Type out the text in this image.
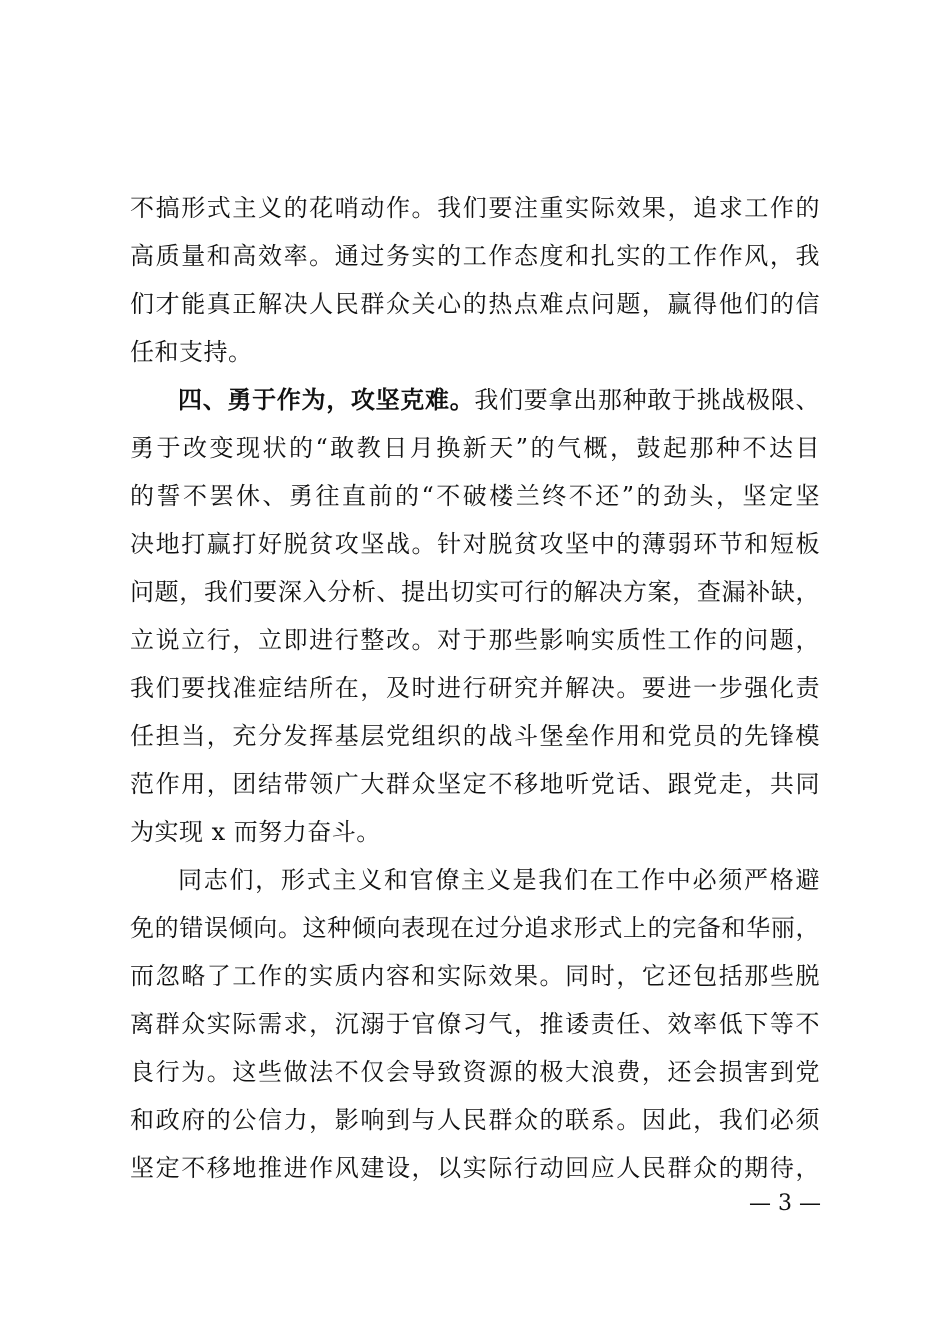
不搞形式主义的花哨动作。我们要注重实际效果，追求工作的
高质量和高效率。通过务实的工作态度和扎实的工作作风，我
们才能真正解决人民群众关心的热点难点问题，赢得他们的信
任和支持。
四、勇于作为，攻坚克难。我们要拿出那种敢于挑战极限、
勇于改变现状的“敢教日月换新天”的气概，鼓起那种不达目
的誓不罢休、勇往直前的“不破楼兰终不还”的劲头，坚定坚
决地打赢打好脱贫攻坚战。针对脱贫攻坚中的薄弱环节和短板
问题，我们要深入分析、提出切实可行的解决方案，查漏补缺，
立说立行，立即进行整改。对于那些影响实质性工作的问题，
我们要找准症结所在，及时进行研究并解决。要进一步强化责
任担当，充分发挥基层党组织的战斗堡垒作用和党员的先锋模
范作用，团结带领广大群众坚定不移地听党话、跟党走，共同
为实现 x 而努力奋斗。
同志们，形式主义和官僚主义是我们在工作中必须严格避
免的错误倾向。这种倾向表现在过分追求形式上的完备和华丽，
而忽略了工作的实质内容和实际效果。同时，它还包括那些脱
离群众实际需求，沉溺于官僚习气，推诿责任、效率低下等不
良行为。这些做法不仅会导致资源的极大浪费，还会损害到党
和政府的公信力，影响到与人民群众的联系。因此，我们必须
坚定不移地推进作风建设，以实际行动回应人民群众的期待，
— 3 —
